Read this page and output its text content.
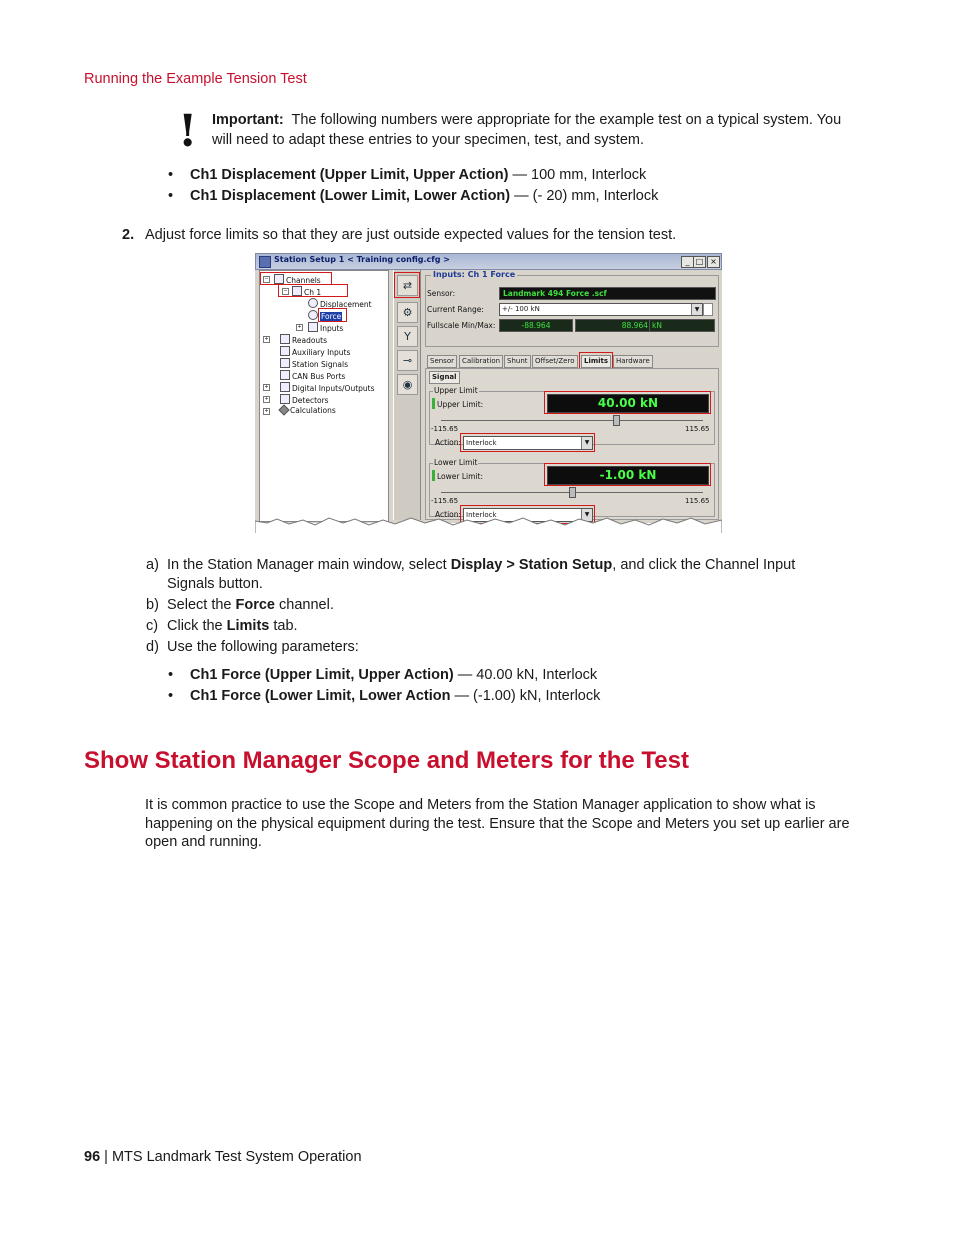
Running the Example Tension Test
! Important: The following numbers were appropriate for the example test on a typical system. You will need to adapt these entries to your specimen, test, and system.
• Ch1 Displacement (Upper Limit, Upper Action) — 100 mm, Interlock
• Ch1 Displacement (Lower Limit, Lower Action) — (- 20) mm, Interlock
2. Adjust force limits so that they are just outside expected values for the tension test.
Station Setup 1 < Training config.cfg >	_ □ ×
−	Channels
−	Ch 1
Displacement
Force
+	Inputs
+	Readouts
Auxiliary Inputs
Station Signals
CAN Bus Ports
+	Digital Inputs/Outputs
+	Detectors
+	Calculations
⇄
⚙
Y
⊸
◉
Inputs: Ch 1 Force
Sensor:	Landmark 494 Force .scf
Current Range:	+/- 100 kN	▼
Fullscale Min/Max:	-88.964	88.964 kN
Sensor	Calibration Shunt	Offset/Zero	Limits	Hardware
Signal
Upper Limit
Upper Limit:	40.00 kN
-115.65	115.65
Action: Interlock	▼
Lower Limit
Lower Limit:	-1.00 kN
-115.65	115.65
Action: Interlock	▼
a) In the Station Manager main window, select Display > Station Setup, and click the Channel Input Signals button.
b) Select the Force channel.
c) Click the Limits tab.
d) Use the following parameters:
• Ch1 Force (Upper Limit, Upper Action) — 40.00 kN, Interlock
• Ch1 Force (Lower Limit, Lower Action — (-1.00) kN, Interlock
Show Station Manager Scope and Meters for the Test
It is common practice to use the Scope and Meters from the Station Manager application to show what is happening on the physical equipment during the test. Ensure that the Scope and Meters you set up earlier are open and running.
96 | MTS Landmark Test System Operation
